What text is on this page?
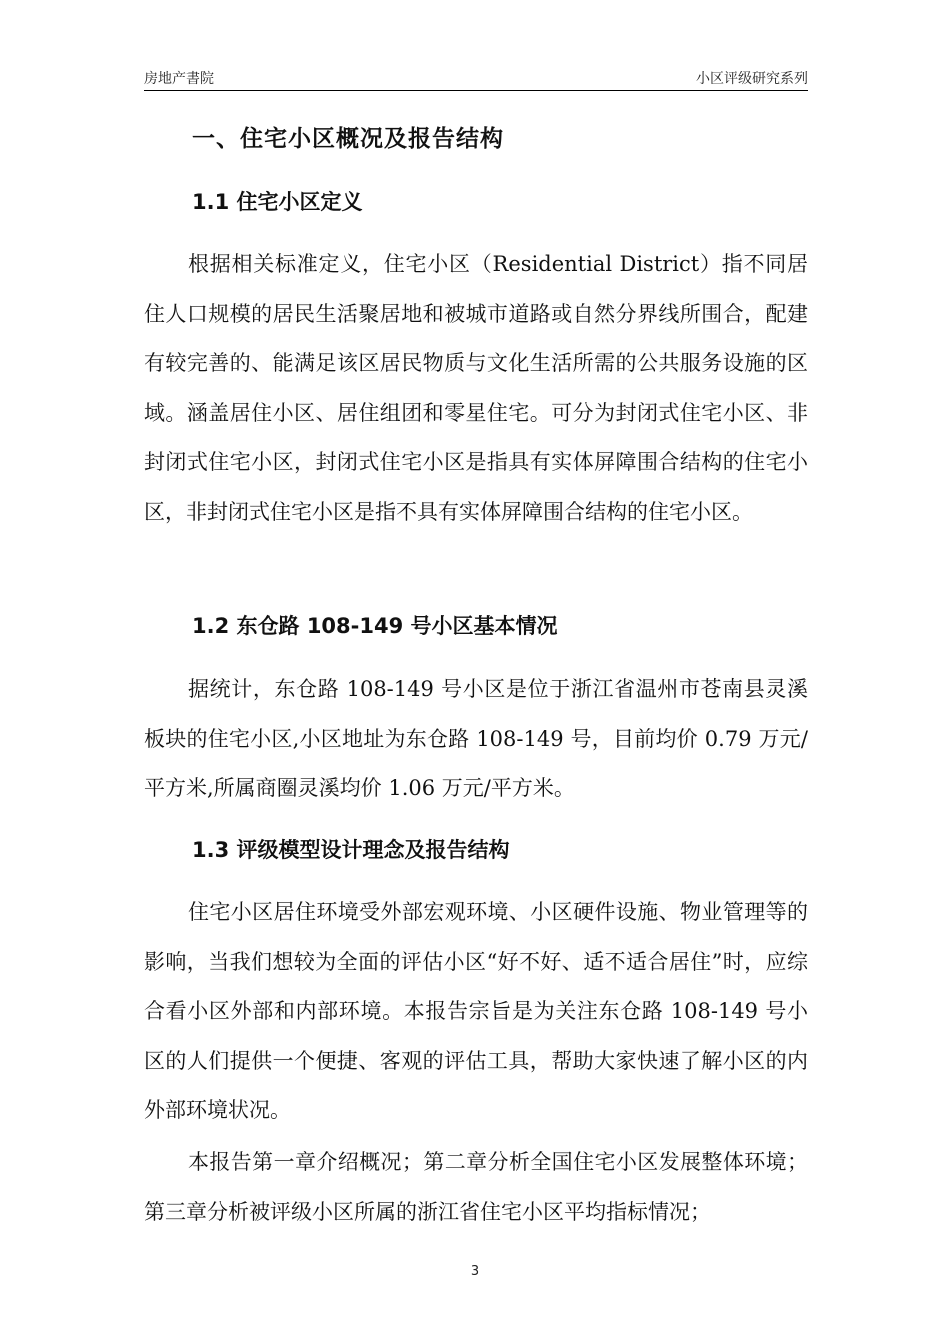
房地产書院	小区评级研究系列
一、住宅小区概况及报告结构
1.1 住宅小区定义

根据相关标准定义，住宅小区（Residential District）指不同居住人口规模的居民生活聚居地和被城市道路或自然分界线所围合，配建有较完善的、能满足该区居民物质与文化生活所需的公共服务设施的区域。涵盖居住小区、居住组团和零星住宅。可分为封闭式住宅小区、非封闭式住宅小区，封闭式住宅小区是指具有实体屏障围合结构的住宅小区，非封闭式住宅小区是指不具有实体屏障围合结构的住宅小区。

1.2 东仓路 108-149 号小区基本情况

据统计，东仓路 108-149 号小区是位于浙江省温州市苍南县灵溪板块的住宅小区,小区地址为东仓路 108-149 号，目前均价 0.79 万元/平方米,所属商圈灵溪均价 1.06 万元/平方米。

1.3 评级模型设计理念及报告结构

住宅小区居住环境受外部宏观环境、小区硬件设施、物业管理等的影响，当我们想较为全面的评估小区“好不好、适不适合居住”时，应综合看小区外部和内部环境。本报告宗旨是为关注东仓路 108-149 号小区的人们提供一个便捷、客观的评估工具，帮助大家快速了解小区的内外部环境状况。

本报告第一章介绍概况；第二章分析全国住宅小区发展整体环境；第三章分析被评级小区所属的浙江省住宅小区平均指标情况；

3
